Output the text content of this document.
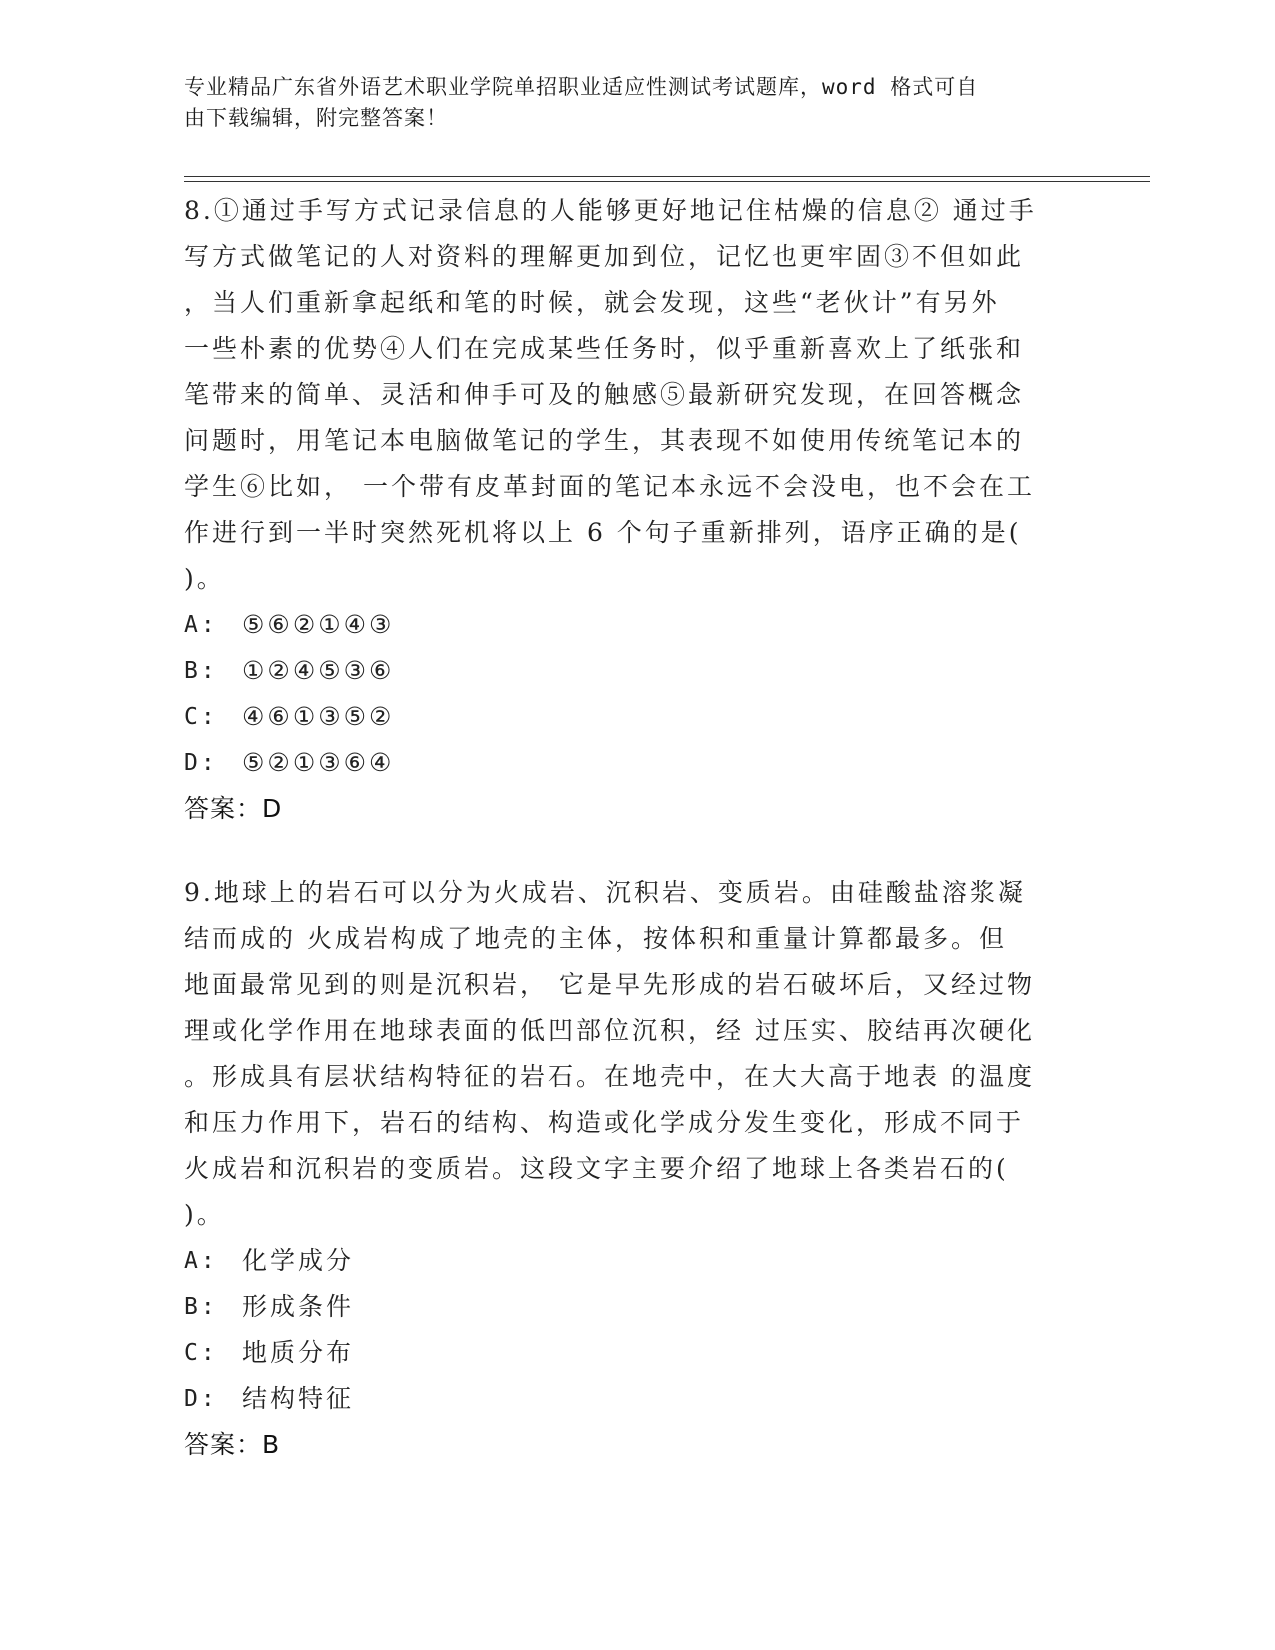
专业精品广东省外语艺术职业学院单招职业适应性测试考试题库，word 格式可自
由下载编辑，附完整答案！
8.①通过手写方式记录信息的人能够更好地记住枯燥的信息② 通过手
写方式做笔记的人对资料的理解更加到位，记忆也更牢固③不但如此
，当人们重新拿起纸和笔的时候，就会发现，这些“老伙计”有另外
一些朴素的优势④人们在完成某些任务时，似乎重新喜欢上了纸张和
笔带来的简单、灵活和伸手可及的触感⑤最新研究发现，在回答概念
问题时，用笔记本电脑做笔记的学生，其表现不如使用传统笔记本的
学生⑥比如， 一个带有皮革封面的笔记本永远不会没电，也不会在工
作进行到一半时突然死机将以上 6 个句子重新排列，语序正确的是(
)。
A: ⑤⑥②①④③
B: ①②④⑤③⑥
C: ④⑥①③⑤②
D: ⑤②①③⑥④
答案：D
9.地球上的岩石可以分为火成岩、沉积岩、变质岩。由硅酸盐溶浆凝
结而成的 火成岩构成了地壳的主体，按体积和重量计算都最多。但
地面最常见到的则是沉积岩， 它是早先形成的岩石破坏后，又经过物
理或化学作用在地球表面的低凹部位沉积，经 过压实、胶结再次硬化
。形成具有层状结构特征的岩石。在地壳中，在大大高于地表 的温度
和压力作用下，岩石的结构、构造或化学成分发生变化，形成不同于
火成岩和沉积岩的变质岩。这段文字主要介绍了地球上各类岩石的(
)。
A: 化学成分
B: 形成条件
C: 地质分布
D: 结构特征
答案：B
